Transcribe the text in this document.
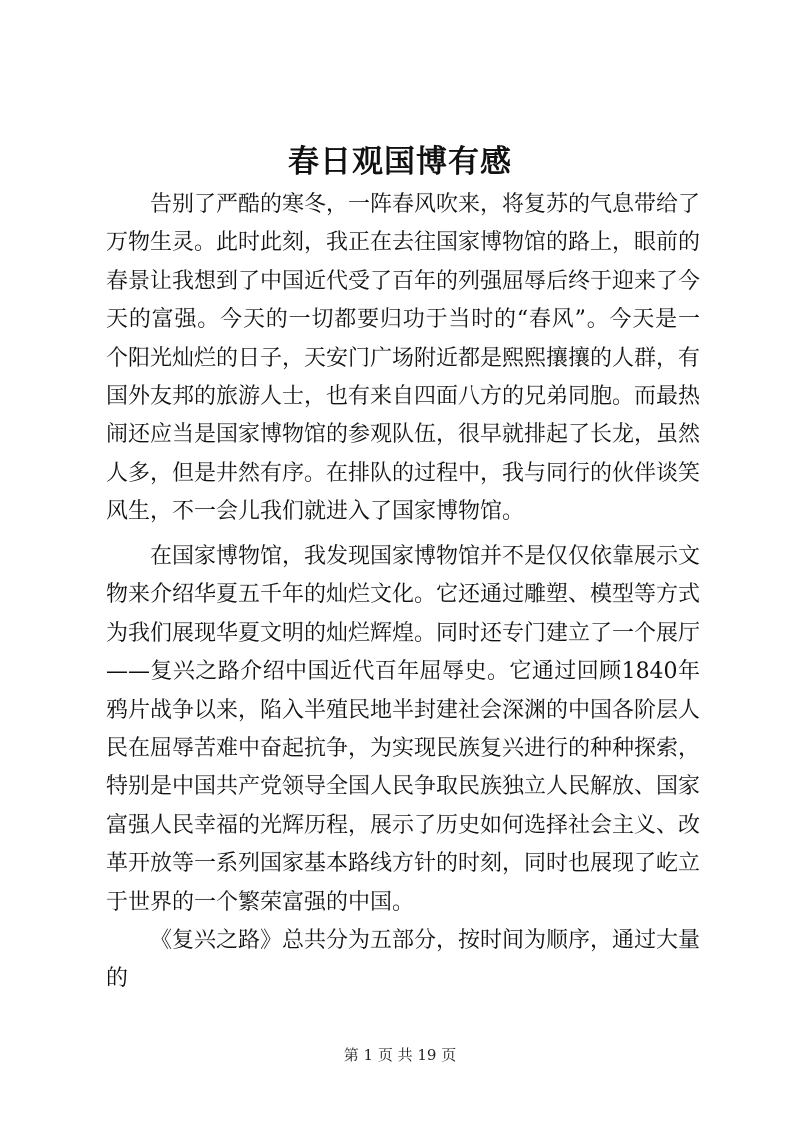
春日观国博有感

告别了严酷的寒冬，一阵春风吹来，将复苏的气息带给了万物生灵。此时此刻，我正在去往国家博物馆的路上，眼前的春景让我想到了中国近代受了百年的列强屈辱后终于迎来了今天的富强。今天的一切都要归功于当时的“春风”。今天是一个阳光灿烂的日子，天安门广场附近都是熙熙攘攘的人群，有国外友邦的旅游人士，也有来自四面八方的兄弟同胞。而最热闹还应当是国家博物馆的参观队伍，很早就排起了长龙，虽然人多，但是井然有序。在排队的过程中，我与同行的伙伴谈笑风生，不一会儿我们就进入了国家博物馆。

在国家博物馆，我发现国家博物馆并不是仅仅依靠展示文物来介绍华夏五千年的灿烂文化。它还通过雕塑、模型等方式为我们展现华夏文明的灿烂辉煌。同时还专门建立了一个展厅——复兴之路介绍中国近代百年屈辱史。它通过回顾1840年鸦片战争以来，陷入半殖民地半封建社会深渊的中国各阶层人民在屈辱苦难中奋起抗争，为实现民族复兴进行的种种探索，特别是中国共产党领导全国人民争取民族独立人民解放、国家富强人民幸福的光辉历程，展示了历史如何选择社会主义、改革开放等一系列国家基本路线方针的时刻，同时也展现了屹立于世界的一个繁荣富强的中国。

《复兴之路》总共分为五部分，按时间为顺序，通过大量的

第 1 页 共 19 页
